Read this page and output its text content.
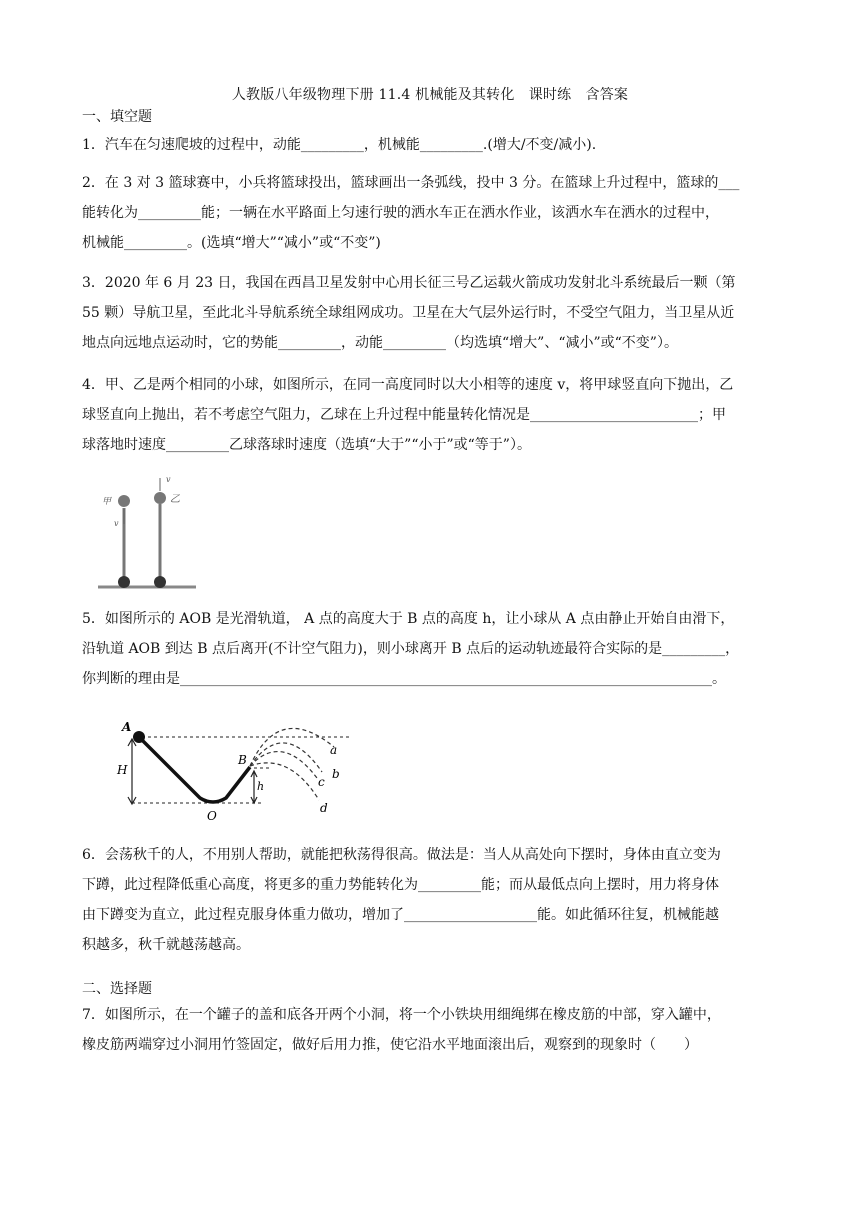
人教版八年级物理下册 11.4 机械能及其转化　课时练　含答案
一、填空题
1．汽车在匀速爬坡的过程中，动能_________，机械能_________.(增大/不变/减小).
2．在 3 对 3 篮球赛中，小兵将篮球投出，篮球画出一条弧线，投中 3 分。在篮球上升过程中，篮球的___
能转化为_________能；一辆在水平路面上匀速行驶的洒水车正在洒水作业，该洒水车在洒水的过程中，
机械能_________。(选填“增大”“减小”或“不变”)
3．2020 年 6 月 23 日，我国在西昌卫星发射中心用长征三号乙运载火箭成功发射北斗系统最后一颗（第
55 颗）导航卫星，至此北斗导航系统全球组网成功。卫星在大气层外运行时，不受空气阻力，当卫星从近
地点向远地点运动时，它的势能_________，动能_________（均选填“增大”、“减小”或“不变”）。
4．甲、乙是两个相同的小球，如图所示，在同一高度同时以大小相等的速度 v，将甲球竖直向下抛出，乙
球竖直向上抛出，若不考虑空气阻力，乙球在上升过程中能量转化情况是________________________；甲
球落地时速度_________乙球落球时速度（选填“大于”“小于”或“等于”）。
甲	乙
v
v
5．如图所示的 AOB 是光滑轨道， A 点的高度大于 B 点的高度 h，让小球从 A 点由静止开始自由滑下，
沿轨道 AOB 到达 B 点后离开(不计空气阻力)，则小球离开 B 点后的运动轨迹最符合实际的是_________，
你判断的理由是____________________________________________________________________________。
A
B
O
H
h
a
b
c
d
6．会荡秋千的人，不用别人帮助，就能把秋荡得很高。做法是：当人从高处向下摆时，身体由直立变为
下蹲，此过程降低重心高度，将更多的重力势能转化为_________能；而从最低点向上摆时，用力将身体
由下蹲变为直立，此过程克服身体重力做功，增加了___________________能。如此循环往复，机械能越
积越多，秋千就越荡越高。
二、选择题
7．如图所示，在一个罐子的盖和底各开两个小洞，将一个小铁块用细绳绑在橡皮筋的中部，穿入罐中，
橡皮筋两端穿过小洞用竹签固定，做好后用力推，使它沿水平地面滚出后，观察到的现象时（　　）
